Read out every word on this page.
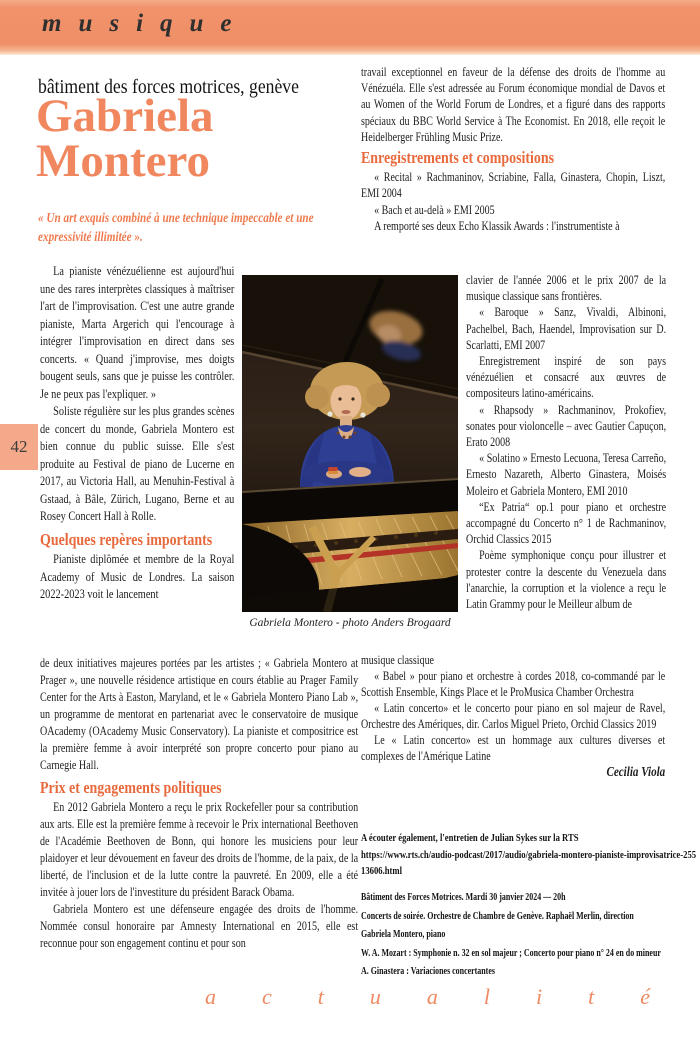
musique
bâtiment des forces motrices, genève
Gabriela
Montero
« Un art exquis combiné à une technique impeccable et une expressivité illimitée ».
42

La pianiste vénézuélienne est aujourd'hui une des rares interprètes classiques à maîtriser l'art de l'improvisation. C'est une autre grande pianiste, Marta Argerich qui l'encourage à intégrer l'improvisation en direct dans ses concerts. « Quand j'improvise, mes doigts bougent seuls, sans que je puisse les contrôler. Je ne peux pas l'expliquer. »

Soliste régulière sur les plus grandes scènes de concert du monde, Gabriela Montero est bien connue du public suisse. Elle s'est produite au Festival de piano de Lucerne en 2017, au Victoria Hall, au Menuhin-Festival à Gstaad, à Bâle, Zürich, Lugano, Berne et au Rosey Concert Hall à Rolle.

Quelques repères importants

Pianiste diplômée et membre de la Royal Academy of Music de Londres. La saison 2022-2023 voit le lancement

Gabriela Montero - photo Anders Brogaard

travail exceptionnel en faveur de la défense des droits de l'homme au Vénézuéla. Elle s'est adressée au Forum économique mondial de Davos et au Women of the World Forum de Londres, et a figuré dans des rapports spéciaux du BBC World Service à The Economist. En 2018, elle reçoit le Heidelberger Frühling Music Prize.

Enregistrements et compositions

« Recital » Rachmaninov, Scriabine, Falla, Ginastera, Chopin, Liszt, EMI 2004

« Bach et au-delà » EMI 2005

A remporté ses deux Echo Klassik Awards : l'instrumentiste à

clavier de l'année 2006 et le prix 2007 de la musique classique sans frontières.

« Baroque » Sanz, Vivaldi, Albinoni, Pachelbel, Bach, Haendel, Improvisation sur D. Scarlatti, EMI 2007

Enregistrement inspiré de son pays vénézuélien et consacré aux œuvres de compositeurs latino-américains.

« Rhapsody » Rachmaninov, Prokofiev, sonates pour violoncelle – avec Gautier Capuçon, Erato 2008

« Solatino » Ernesto Lecuona, Teresa Carreño, Ernesto Nazareth, Alberto Ginastera, Moisés Moleiro et Gabriela Montero, EMI 2010

“Ex Patria“ op.1 pour piano et orchestre accompagné du Concerto n° 1 de Rachmaninov, Orchid Classics 2015

Poème symphonique conçu pour illustrer et protester contre la descente du Venezuela dans l'anarchie, la corruption et la violence a reçu le Latin Grammy pour le Meilleur album de

de deux initiatives majeures portées par les artistes ; « Gabriela Montero at Prager », une nouvelle résidence artistique en cours établie au Prager Family Center for the Arts à Easton, Maryland, et le « Gabriela Montero Piano Lab », un programme de mentorat en partenariat avec le conservatoire de musique OAcademy (OAcademy Music Conservatory). La pianiste et compositrice est la première femme à avoir interprété son propre concerto pour piano au Carnegie Hall.

Prix et engagements politiques

En 2012 Gabriela Montero a reçu le prix Rockefeller pour sa contribution aux arts. Elle est la première femme à recevoir le Prix international Beethoven de l'Académie Beethoven de Bonn, qui honore les musiciens pour leur plaidoyer et leur dévouement en faveur des droits de l'homme, de la paix, de la liberté, de l'inclusion et de la lutte contre la pauvreté. En 2009, elle a été invitée à jouer lors de l'investiture du président Barack Obama.

Gabriela Montero est une défenseure engagée des droits de l'homme. Nommée consul honoraire par Amnesty International en 2015, elle est reconnue pour son engagement continu et pour son

musique classique

« Babel » pour piano et orchestre à cordes 2018, co-commandé par le Scottish Ensemble, Kings Place et le ProMusica Chamber Orchestra

« Latin concerto» et le concerto pour piano en sol majeur de Ravel, Orchestre des Amériques, dir. Carlos Miguel Prieto, Orchid Classics 2019

Le « Latin concerto» est un hommage aux cultures diverses et complexes de l'Amérique Latine

Cecilia Viola

A écouter également, l'entretien de Julian Sykes sur la RTS
https://www.rts.ch/audio-podcast/2017/audio/gabriela-montero-pianiste-improvisatrice-25513606.html

Bâtiment des Forces Motrices. Mardi 30 janvier 2024 — 20h

Concerts de soirée. Orchestre de Chambre de Genève. Raphaël Merlin, direction

Gabriela Montero, piano

W. A. Mozart : Symphonie n. 32 en sol majeur ; Concerto pour piano n° 24 en do mineur

A. Ginastera : Variaciones concertantes

actualité
